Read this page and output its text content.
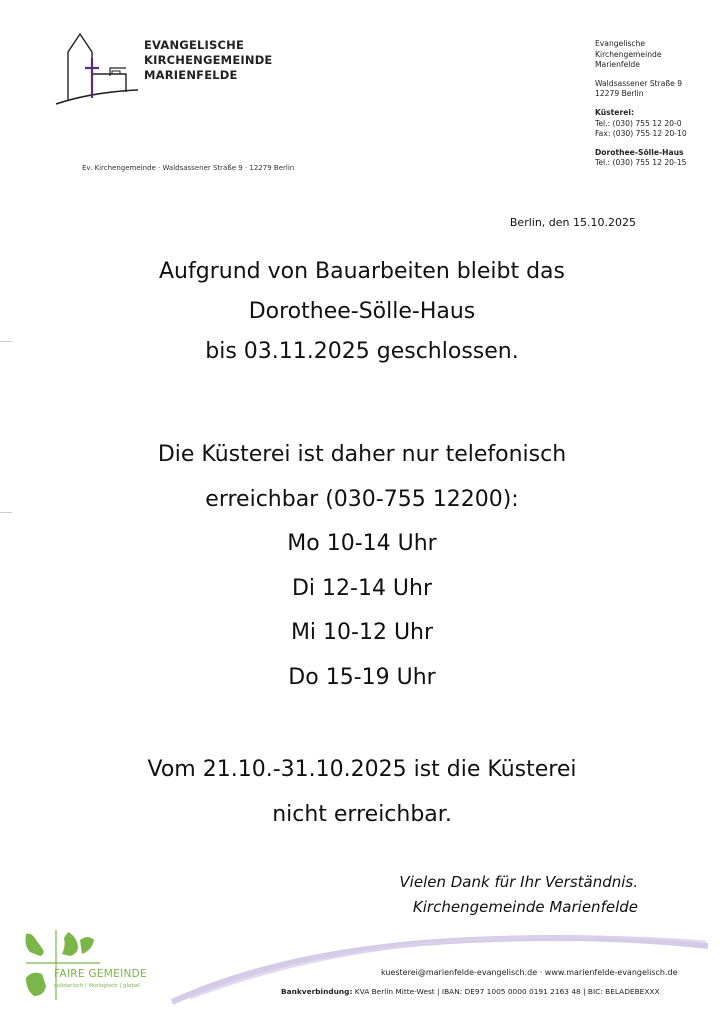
EVANGELISCHE
KIRCHENGEMEINDE
MARIENFELDE
Ev. Kirchengemeinde · Waldsassener Straße 9 · 12279 Berlin
Evangelische
Kirchengemeinde
Marienfelde
Waldsassener Straße 9
12279 Berlin
Küsterei:
Tel.: (030) 755 12 20-0
Fax: (030) 755 12 20-10
Dorothee-Sölle-Haus
Tel.: (030) 755 12 20-15
Berlin, den 15.10.2025
Aufgrund von Bauarbeiten bleibt das
Dorothee-Sölle-Haus
bis 03.11.2025 geschlossen.
Die Küsterei ist daher nur telefonisch
erreichbar (030-755 12200):
Mo 10-14 Uhr
Di 12-14 Uhr
Mi 10-12 Uhr
Do 15-19 Uhr
Vom 21.10.-31.10.2025 ist die Küsterei
nicht erreichbar.
Vielen Dank für Ihr Verständnis.
Kirchengemeinde Marienfelde
FAIRE GEMEINDE
solidarisch | ökologisch | global
kuesterei@marienfelde-evangelisch.de · www.marienfelde-evangelisch.de
Bankverbindung: KVA Berlin Mitte-West | IBAN: DE97 1005 0000 0191 2163 48 | BIC: BELADEBEXXX
